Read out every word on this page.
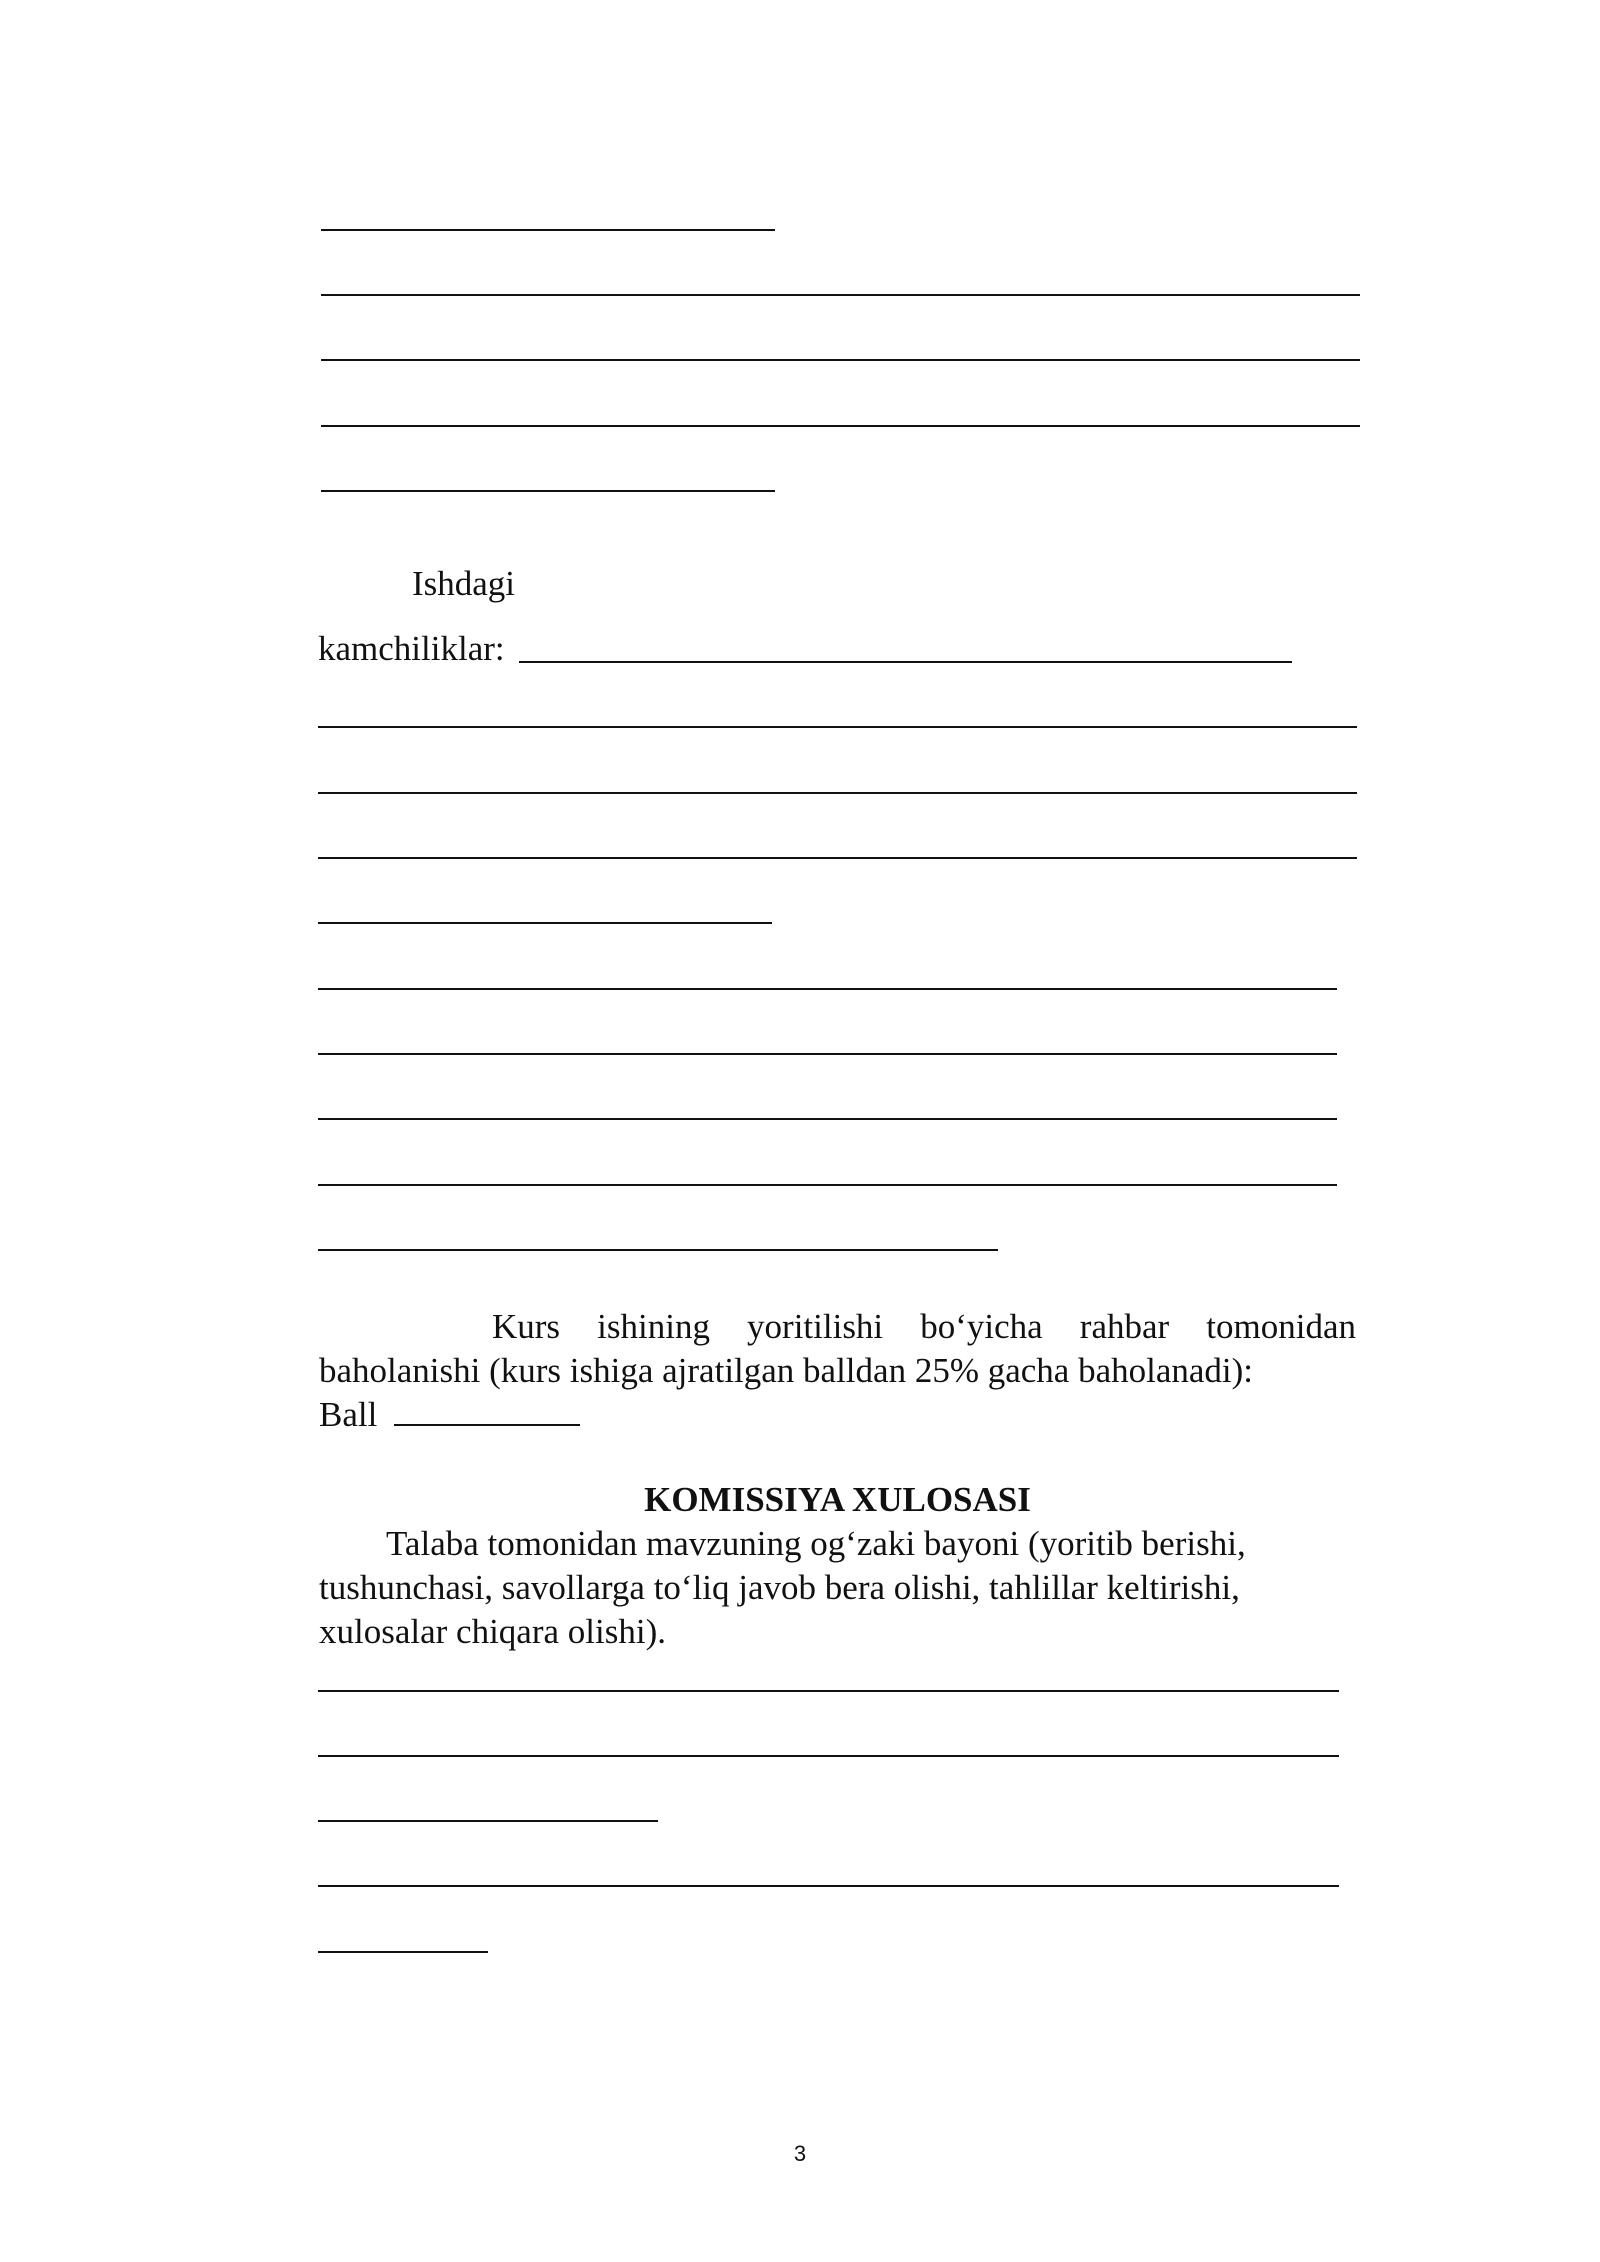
Ishdagi
kamchiliklar:
Kurs ishining yoritilishi bo‘yicha rahbar tomonidan baholanishi (kurs ishiga ajratilgan balldan 25% gacha baholanadi):
Ball
KOMISSIYA XULOSASI
Talaba tomonidan mavzuning og‘zaki bayoni (yoritib berishi,
tushunchasi, savollarga to‘liq javob bera olishi, tahlillar keltirishi,
xulosalar chiqara olishi).
3
